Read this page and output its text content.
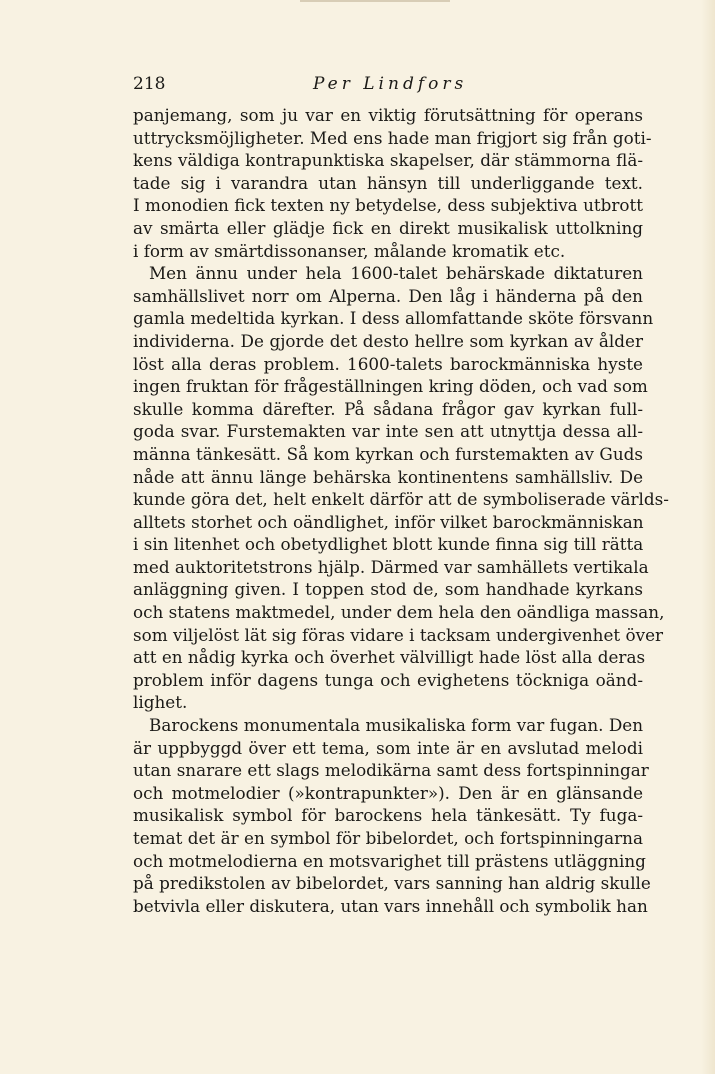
218	Per Lindfors
panjemang, som ju var en viktig förutsättning för operans
uttrycksmöjligheter. Med ens hade man frigjort sig från goti-
kens väldiga kontrapunktiska skapelser, där stämmorna flä-
tade sig i varandra utan hänsyn till underliggande text.
I monodien fick texten ny betydelse, dess subjektiva utbrott
av smärta eller glädje fick en direkt musikalisk uttolkning
i form av smärtdissonanser, målande kromatik etc.
Men ännu under hela 1600-talet behärskade diktaturen
samhällslivet norr om Alperna. Den låg i händerna på den
gamla medeltida kyrkan. I dess allomfattande sköte försvann
individerna. De gjorde det desto hellre som kyrkan av ålder
löst alla deras problem. 1600-talets barockmänniska hyste
ingen fruktan för frågeställningen kring döden, och vad som
skulle komma därefter. På sådana frågor gav kyrkan full-
goda svar. Furstemakten var inte sen att utnyttja dessa all-
männa tänkesätt. Så kom kyrkan och furstemakten av Guds
nåde att ännu länge behärska kontinentens samhällsliv. De
kunde göra det, helt enkelt därför att de symboliserade världs-
alltets storhet och oändlighet, inför vilket barockmänniskan
i sin litenhet och obetydlighet blott kunde finna sig till rätta
med auktoritetstrons hjälp. Därmed var samhällets vertikala
anläggning given. I toppen stod de, som handhade kyrkans
och statens maktmedel, under dem hela den oändliga massan,
som viljelöst lät sig föras vidare i tacksam undergivenhet över
att en nådig kyrka och överhet välvilligt hade löst alla deras
problem inför dagens tunga och evighetens töckniga oänd-
lighet.
Barockens monumentala musikaliska form var fugan. Den
är uppbyggd över ett tema, som inte är en avslutad melodi
utan snarare ett slags melodikärna samt dess fortspinningar
och motmelodier (»kontrapunkter»). Den är en glänsande
musikalisk symbol för barockens hela tänkesätt. Ty fuga-
temat det är en symbol för bibelordet, och fortspinningarna
och motmelodierna en motsvarighet till prästens utläggning
på predikstolen av bibelordet, vars sanning han aldrig skulle
betvivla eller diskutera, utan vars innehåll och symbolik han
